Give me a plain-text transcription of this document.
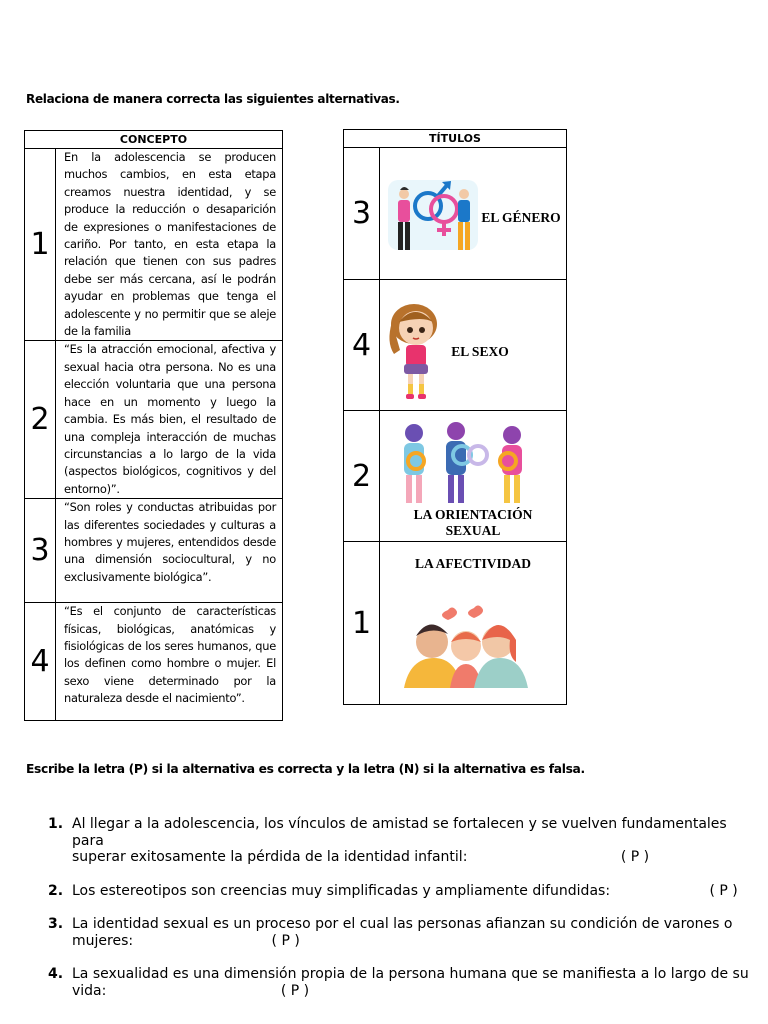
Relaciona de manera correcta las siguientes alternativas.
CONCEPTO	
1	En la adolescencia se producen muchos cambios, en esta etapa creamos nuestra identidad, y se produce la reducción o desaparición de expresiones o manifestaciones de cariño. Por tanto, en esta etapa la relación que tienen con sus padres debe ser más cercana, así le podrán ayudar en problemas que tenga el adolescente y no permitir que se aleje de la familia
2	“Es la atracción emocional, afectiva y sexual hacia otra persona. No es una elección voluntaria que una persona hace en un momento y luego la cambia. Es más bien, el resultado de una compleja interacción de muchas circunstancias a lo largo de la vida (aspectos biológicos, cognitivos y del entorno)”.
3	“Son roles y conductas atribuidas por las diferentes sociedades y culturas a hombres y mujeres, entendidos desde una dimensión sociocultural, y no exclusivamente biológica”.
4	“Es el conjunto de características físicas, biológicas, anatómicas y fisiológicas de los seres humanos, que los definen como hombre o mujer. El sexo viene determinado por la naturaleza desde el nacimiento”.
TÍTULOS	
3	EL GÉNERO

4	EL SEXO

2	LA ORIENTACIÓN SEXUAL

1	LA AFECTIVIDAD
Escribe la letra (P) si la alternativa es correcta y la letra (N) si la alternativa es falsa.
1. Al llegar a la adolescencia, los vínculos de amistad se fortalecen y se vuelven fundamentales para
superar exitosamente la pérdida de la identidad infantil:	( P )
2. Los estereotipos son creencias muy simplificadas y ampliamente difundidas:	( P )
3. La identidad sexual es un proceso por el cual las personas afianzan su condición de varones o
mujeres:	( P )
4. La sexualidad es una dimensión propia de la persona humana que se manifiesta a lo largo de su
vida:	( P )
